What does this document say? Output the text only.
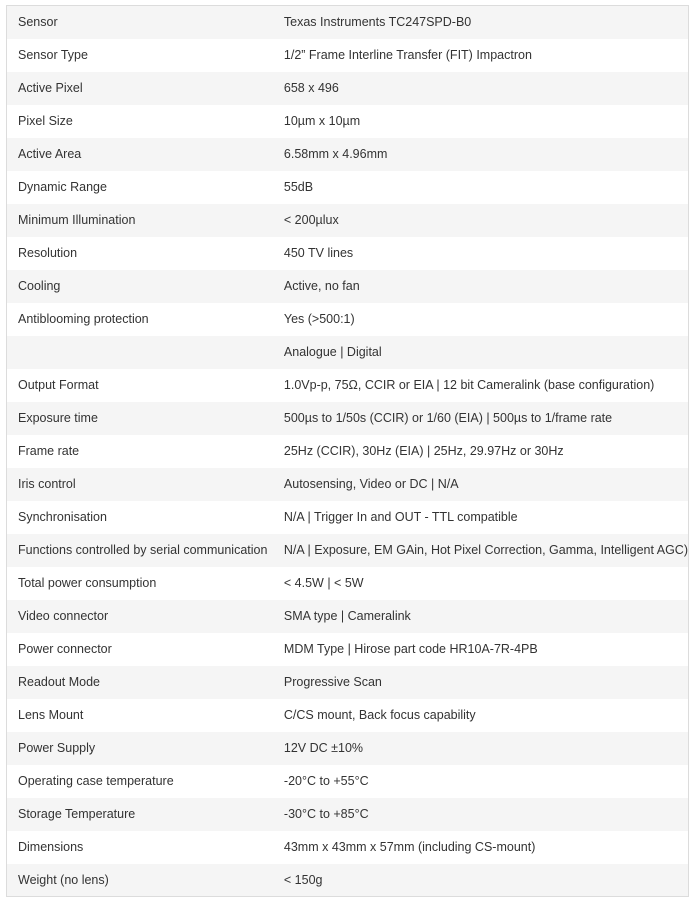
Sensor	Texas Instruments TC247SPD-B0
Sensor Type	1/2” Frame Interline Transfer (FIT) Impactron
Active Pixel	658 x 496
Pixel Size	10µm x 10µm
Active Area	6.58mm x 4.96mm
Dynamic Range	55dB
Minimum Illumination	< 200µlux
Resolution	450 TV lines
Cooling	Active, no fan
Antiblooming protection	Yes (>500:1)
	Analogue | Digital
Output Format	1.0Vp-p, 75Ω, CCIR or EIA | 12 bit Cameralink (base configuration)
Exposure time	500µs to 1/50s (CCIR) or 1/60 (EIA) | 500µs to 1/frame rate
Frame rate	25Hz (CCIR), 30Hz (EIA) | 25Hz, 29.97Hz or 30Hz
Iris control	Autosensing, Video or DC | N/A
Synchronisation	N/A | Trigger In and OUT - TTL compatible
Functions controlled by serial communication	N/A | Exposure, EM GAin, Hot Pixel Correction, Gamma, Intelligent AGC)
Total power consumption	< 4.5W | < 5W
Video connector	SMA type | Cameralink
Power connector	MDM Type | Hirose part code HR10A-7R-4PB
Readout Mode	Progressive Scan
Lens Mount	C/CS mount, Back focus capability
Power Supply	12V DC ±10%
Operating case temperature	-20°C to +55°C
Storage Temperature	-30°C to +85°C
Dimensions	43mm x 43mm x 57mm (including CS-mount)
Weight (no lens)	< 150g
